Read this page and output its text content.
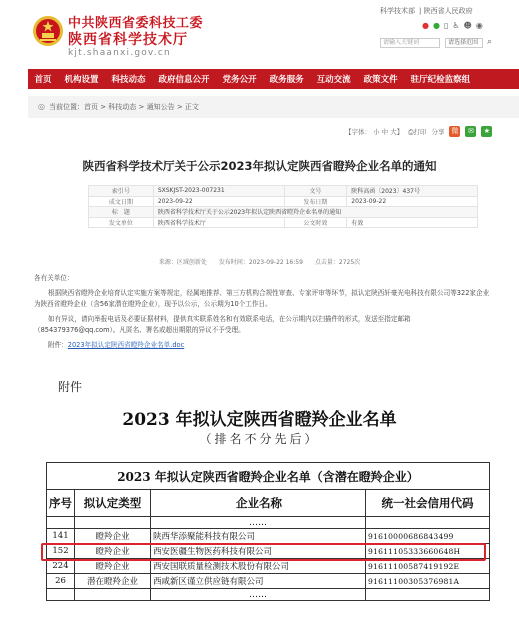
中共陕西省委科技工委
陕西省科学技术厅
kjt.shaanxi.gov.cn
科学技术部 | 陕西省人民政府
● ● ▯ ♿ ☻ ◉
请输入关键词	请选择范围 ⌕
首页	机构设置	科技动态	政府信息公开	党务公开	政务服务	互动交流	政策文件	驻厅纪检监察组
◎ 当前位置：首页 > 科技动态 > 通知公告 > 正文
【字体： 小 中 大】 ⎙打印 分享 微	✉	★
陕西省科学技术厅关于公示2023年拟认定陕西省瞪羚企业名单的通知
索引号	SXSKJST-2023-007231	文号	陕科高函〔2023〕437号
成文日期	2023-09-22	发布日期	2023-09-22
标　题	陕西省科学技术厅关于公示2023年拟认定陕西省瞪羚企业名单的通知		
发文单位	陕西省科学技术厅	公文时效	有效
来源：区域创新处　　发布时间：2023-09-22 16:59　　点击量：2725次

各有关单位：

根据陕西省瞪羚企业培育认定实施方案等规定，经属地推荐、第三方机构合规性审查、专家评审等环节，拟认定陕西轩豪光电科技有限公司等322家企业为陕西省瞪羚企业（含56家潜在瞪羚企业），现予以公示，公示期为10个工作日。

如有异议，请向举报电话及必要证据材料，提供真实联系姓名和有效联系电话，在公示期内以扫描件的形式，发送至指定邮箱（854379376@qq.com）。凡匿名、署名或超出期限的异议不予受理。

附件：2023年拟认定陕西省瞪羚企业名单.doc

附件
2023 年拟认定陕西省瞪羚企业名单
（排名不分先后）
2023 年拟认定陕西省瞪羚企业名单（含潜在瞪羚企业）			
序号	拟认定类型	企业名称	统一社会信用代码
		……	
141	瞪羚企业	陕西华添聚能科技有限公司	91610000686843499
152	瞪羚企业	西安医疆生物医药科技有限公司	91611105333660648H
224	瞪羚企业	西安国联质量检测技术股份有限公司	91611100587419192E
26	潜在瞪羚企业	西咸新区谨立供应链有限公司	91611100305376981A
		……	
